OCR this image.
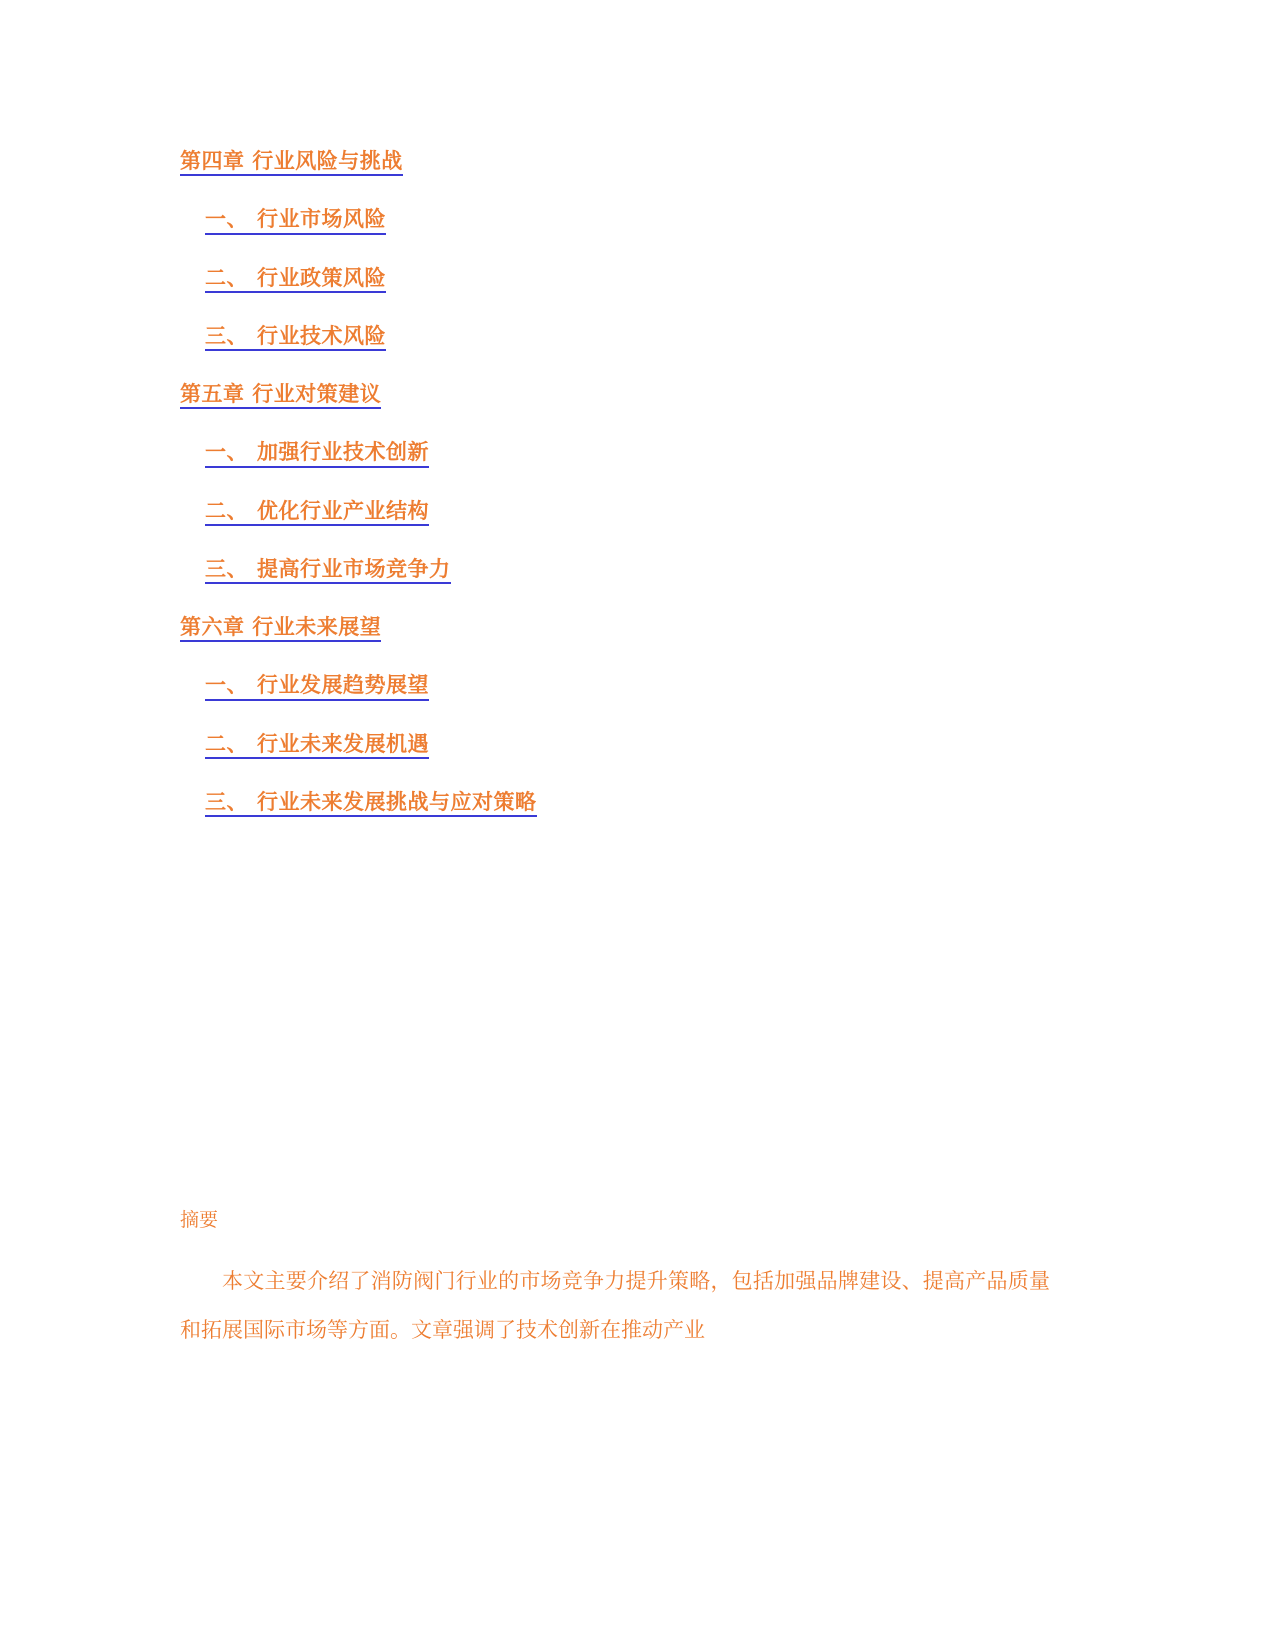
第四章 行业风险与挑战
一、 行业市场风险
二、 行业政策风险
三、 行业技术风险
第五章 行业对策建议
一、 加强行业技术创新
二、 优化行业产业结构
三、 提高行业市场竞争力
第六章 行业未来展望
一、 行业发展趋势展望
二、 行业未来发展机遇
三、 行业未来发展挑战与应对策略
摘要
本文主要介绍了消防阀门行业的市场竞争力提升策略，包括加强品牌建设、提高产品质量和拓展国际市场等方面。文章强调了技术创新在推动产业
